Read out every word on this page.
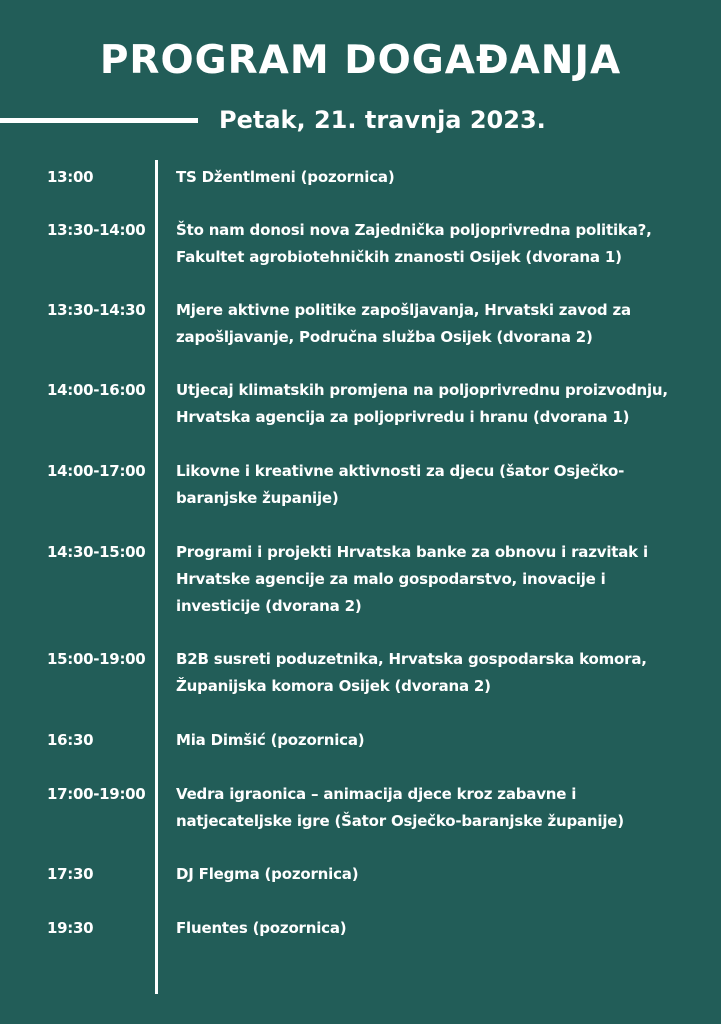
PROGRAM DOGAĐANJA
Petak, 21. travnja 2023.
13:00	TS Džentlmeni (pozornica)
13:30-14:00	Što nam donosi nova Zajednička poljoprivredna politika?, Fakultet agrobiotehničkih znanosti Osijek (dvorana 1)
13:30-14:30	Mjere aktivne politike zapošljavanja, Hrvatski zavod za zapošljavanje, Područna služba Osijek (dvorana 2)
14:00-16:00	Utjecaj klimatskih promjena na poljoprivrednu proizvodnju, Hrvatska agencija za poljoprivredu i hranu (dvorana 1)
14:00-17:00	Likovne i kreativne aktivnosti za djecu (šator Osječko-baranjske županije)
14:30-15:00	Programi i projekti Hrvatska banke za obnovu i razvitak i Hrvatske agencije za malo gospodarstvo, inovacije i investicije (dvorana 2)
15:00-19:00	B2B susreti poduzetnika, Hrvatska gospodarska komora, Županijska komora Osijek (dvorana 2)
16:30	Mia Dimšić (pozornica)
17:00-19:00	Vedra igraonica – animacija djece kroz zabavne i natjecateljske igre (Šator Osječko-baranjske županije)
17:30	DJ Flegma (pozornica)
19:30	Fluentes (pozornica)
